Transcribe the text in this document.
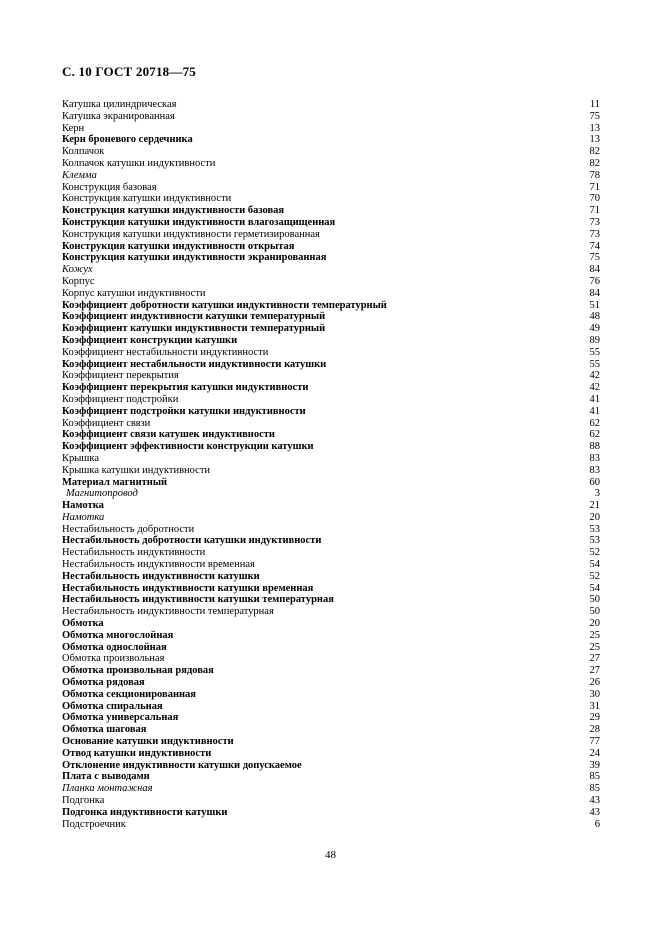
С. 10 ГОСТ 20718—75
Катушка цилиндрическая	11
Катушка экранированная	75
Керн	13
Керн броневого сердечника	13
Колпачок	82
Колпачок катушки индуктивности	82
Клемма	78
Конструкция базовая	71
Конструкция катушки индуктивности	70
Конструкция катушки индуктивности базовая	71
Конструкция катушки индуктивности влагозащищенная	73
Конструкция катушки индуктивности герметизированная	73
Конструкция катушки индуктивности открытая	74
Конструкция катушки индуктивности экранированная	75
Кожух	84
Корпус	76
Корпус катушки индуктивности	84
Коэффициент добротности катушки индуктивности температурный	51
Коэффициент индуктивности катушки температурный	48
Коэффициент катушки индуктивности температурный	49
Коэффициент конструкции катушки	89
Коэффициент нестабильности индуктивности	55
Коэффициент нестабильности индуктивности катушки	55
Коэффициент перекрытия	42
Коэффициент перекрытия катушки индуктивности	42
Коэффициент подстройки	41
Коэффициент подстройки катушки индуктивности	41
Коэффициент связи	62
Коэффициент связи катушек индуктивности	62
Коэффициент эффективности конструкции катушки	88
Крышка	83
Крышка катушки индуктивности	83
Материал магнитный	60
Магнитопровод	3
Намотка	21
Намотка	20
Нестабильность добротности	53
Нестабильность добротности катушки индуктивности	53
Нестабильность индуктивности	52
Нестабильность индуктивности временная	54
Нестабильность индуктивности катушки	52
Нестабильность индуктивности катушки временная	54
Нестабильность индуктивности катушки температурная	50
Нестабильность индуктивности температурная	50
Обмотка	20
Обмотка многослойная	25
Обмотка однослойная	25
Обмотка произвольная	27
Обмотка произвольная рядовая	27
Обмотка рядовая	26
Обмотка секционированная	30
Обмотка спиральная	31
Обмотка универсальная	29
Обмотка шаговая	28
Основание катушки индуктивности	77
Отвод катушки индуктивности	24
Отклонение индуктивности катушки допускаемое	39
Плата с выводами	85
Планка монтажная	85
Подгонка	43
Подгонка индуктивности катушки	43
Подстроечник	6
48
